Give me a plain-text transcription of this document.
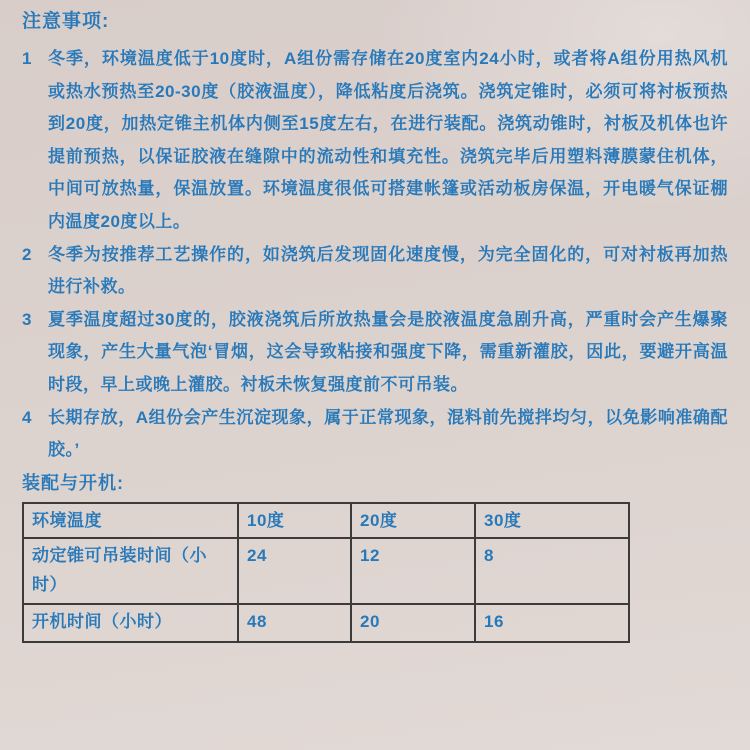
注意事项:
1 冬季，环境温度低于10度时，A组份需存储在20度室内24小时，或者将A组份用热风机或热水预热至20-30度（胶液温度），降低粘度后浇筑。浇筑定锥时，必须可将衬板预热到20度，加热定锥主机体内侧至15度左右，在进行装配。浇筑动锥时，衬板及机体也许提前预热，以保证胶液在缝隙中的流动性和填充性。浇筑完毕后用塑料薄膜蒙住机体，中间可放热量，保温放置。环境温度很低可搭建帐篷或活动板房保温，开电暖气保证棚内温度20度以上。
2 冬季为按推荐工艺操作的，如浇筑后发现固化速度慢，为完全固化的，可对衬板再加热进行补救。
3 夏季温度超过30度的，胶液浇筑后所放热量会是胶液温度急剧升高，严重时会产生爆聚现象，产生大量气泡‘冒烟，这会导致粘接和强度下降，需重新灌胶，因此，要避开高温时段，早上或晚上灌胶。衬板未恢复强度前不可吊装。
4 长期存放，A组份会产生沉淀现象，属于正常现象，混料前先搅拌均匀，以免影响准确配胶。’
装配与开机:
环境温度	10度	20度	30度
动定锥可吊装时间（小时）	24	12	8
开机时间（小时）	48	20	16
